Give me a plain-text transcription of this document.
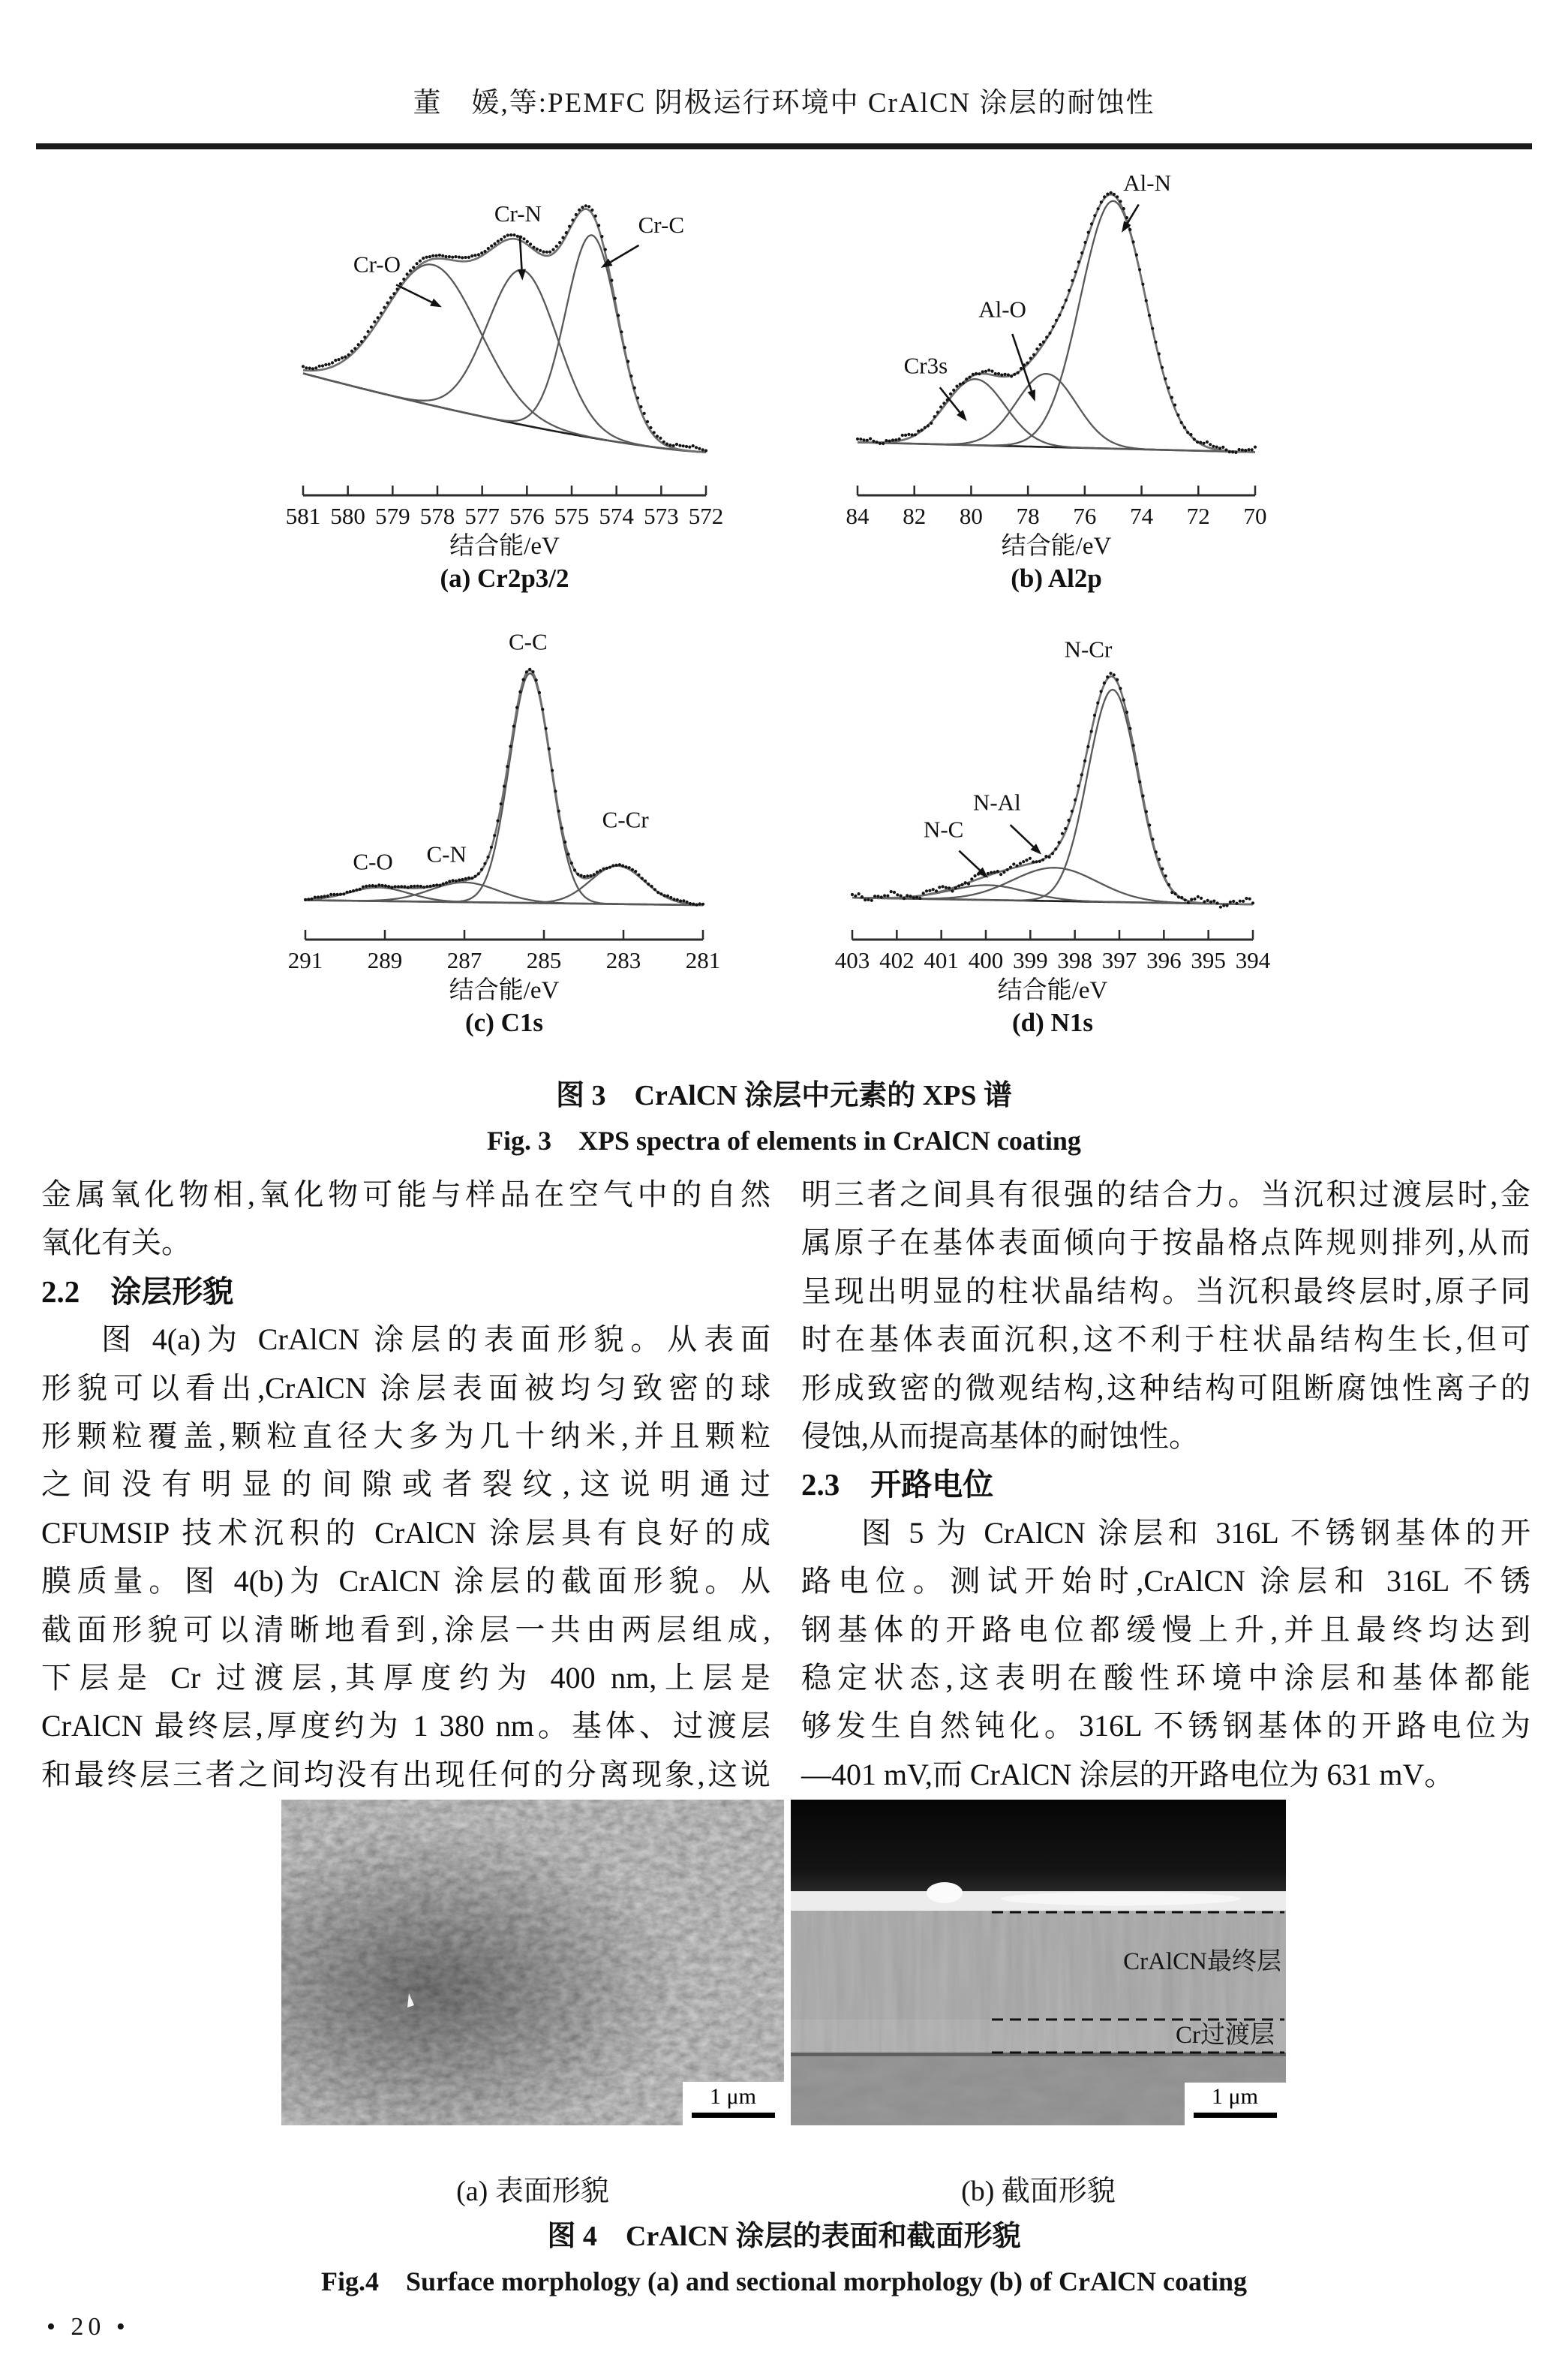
董　媛,等:PEMFC 阴极运行环境中 CrAlCN 涂层的耐蚀性
581 580 579 578 577 576 575 574 573 572
结合能/eV
(a) Cr2p3/2
Cr-O
Cr-N	Cr-C
84 82 80 78 76 74 72 70
结合能/eV
(b) Al2p
Al-N
Al-O
Cr3s
291 289 287 285 283 281
结合能/eV
(c) C1s
C-O C-N
C-C
C-Cr
403 402 401 400 399 398 397 396 395 394
结合能/eV
(d) N1s
N-Cr
N-Al
N-C
图 3　CrAlCN 涂层中元素的 XPS 谱
Fig. 3　XPS spectra of elements in CrAlCN coating
金属氧化物相,氧化物可能与样品在空气中的自然
氧化有关。
2.2　涂层形貌
图 4(a)为 CrAlCN 涂层的表面形貌。从表面
形貌可以看出,CrAlCN 涂层表面被均匀致密的球
形颗粒覆盖,颗粒直径大多为几十纳米,并且颗粒
之间没有明显的间隙或者裂纹,这说明通过
CFUMSIP 技术沉积的 CrAlCN 涂层具有良好的成
膜质量。图 4(b)为 CrAlCN 涂层的截面形貌。从
截面形貌可以清晰地看到,涂层一共由两层组成,
下层是 Cr 过渡层,其厚度约为 400 nm,上层是
CrAlCN 最终层,厚度约为 1 380 nm。基体、过渡层
和最终层三者之间均没有出现任何的分离现象,这说
明三者之间具有很强的结合力。当沉积过渡层时,金
属原子在基体表面倾向于按晶格点阵规则排列,从而
呈现出明显的柱状晶结构。当沉积最终层时,原子同
时在基体表面沉积,这不利于柱状晶结构生长,但可
形成致密的微观结构,这种结构可阻断腐蚀性离子的
侵蚀,从而提高基体的耐蚀性。
2.3　开路电位
图 5 为 CrAlCN 涂层和 316L 不锈钢基体的开
路电位。测试开始时,CrAlCN 涂层和 316L 不锈
钢基体的开路电位都缓慢上升,并且最终均达到
稳定状态,这表明在酸性环境中涂层和基体都能
够发生自然钝化。316L 不锈钢基体的开路电位为
—401 mV,而 CrAlCN 涂层的开路电位为 631 mV。
1 μm
CrAlCN最终层
Cr过渡层
1 μm
(a) 表面形貌	(b) 截面形貌
图 4　CrAlCN 涂层的表面和截面形貌
Fig.4　Surface morphology (a) and sectional morphology (b) of CrAlCN coating
• 20 •
